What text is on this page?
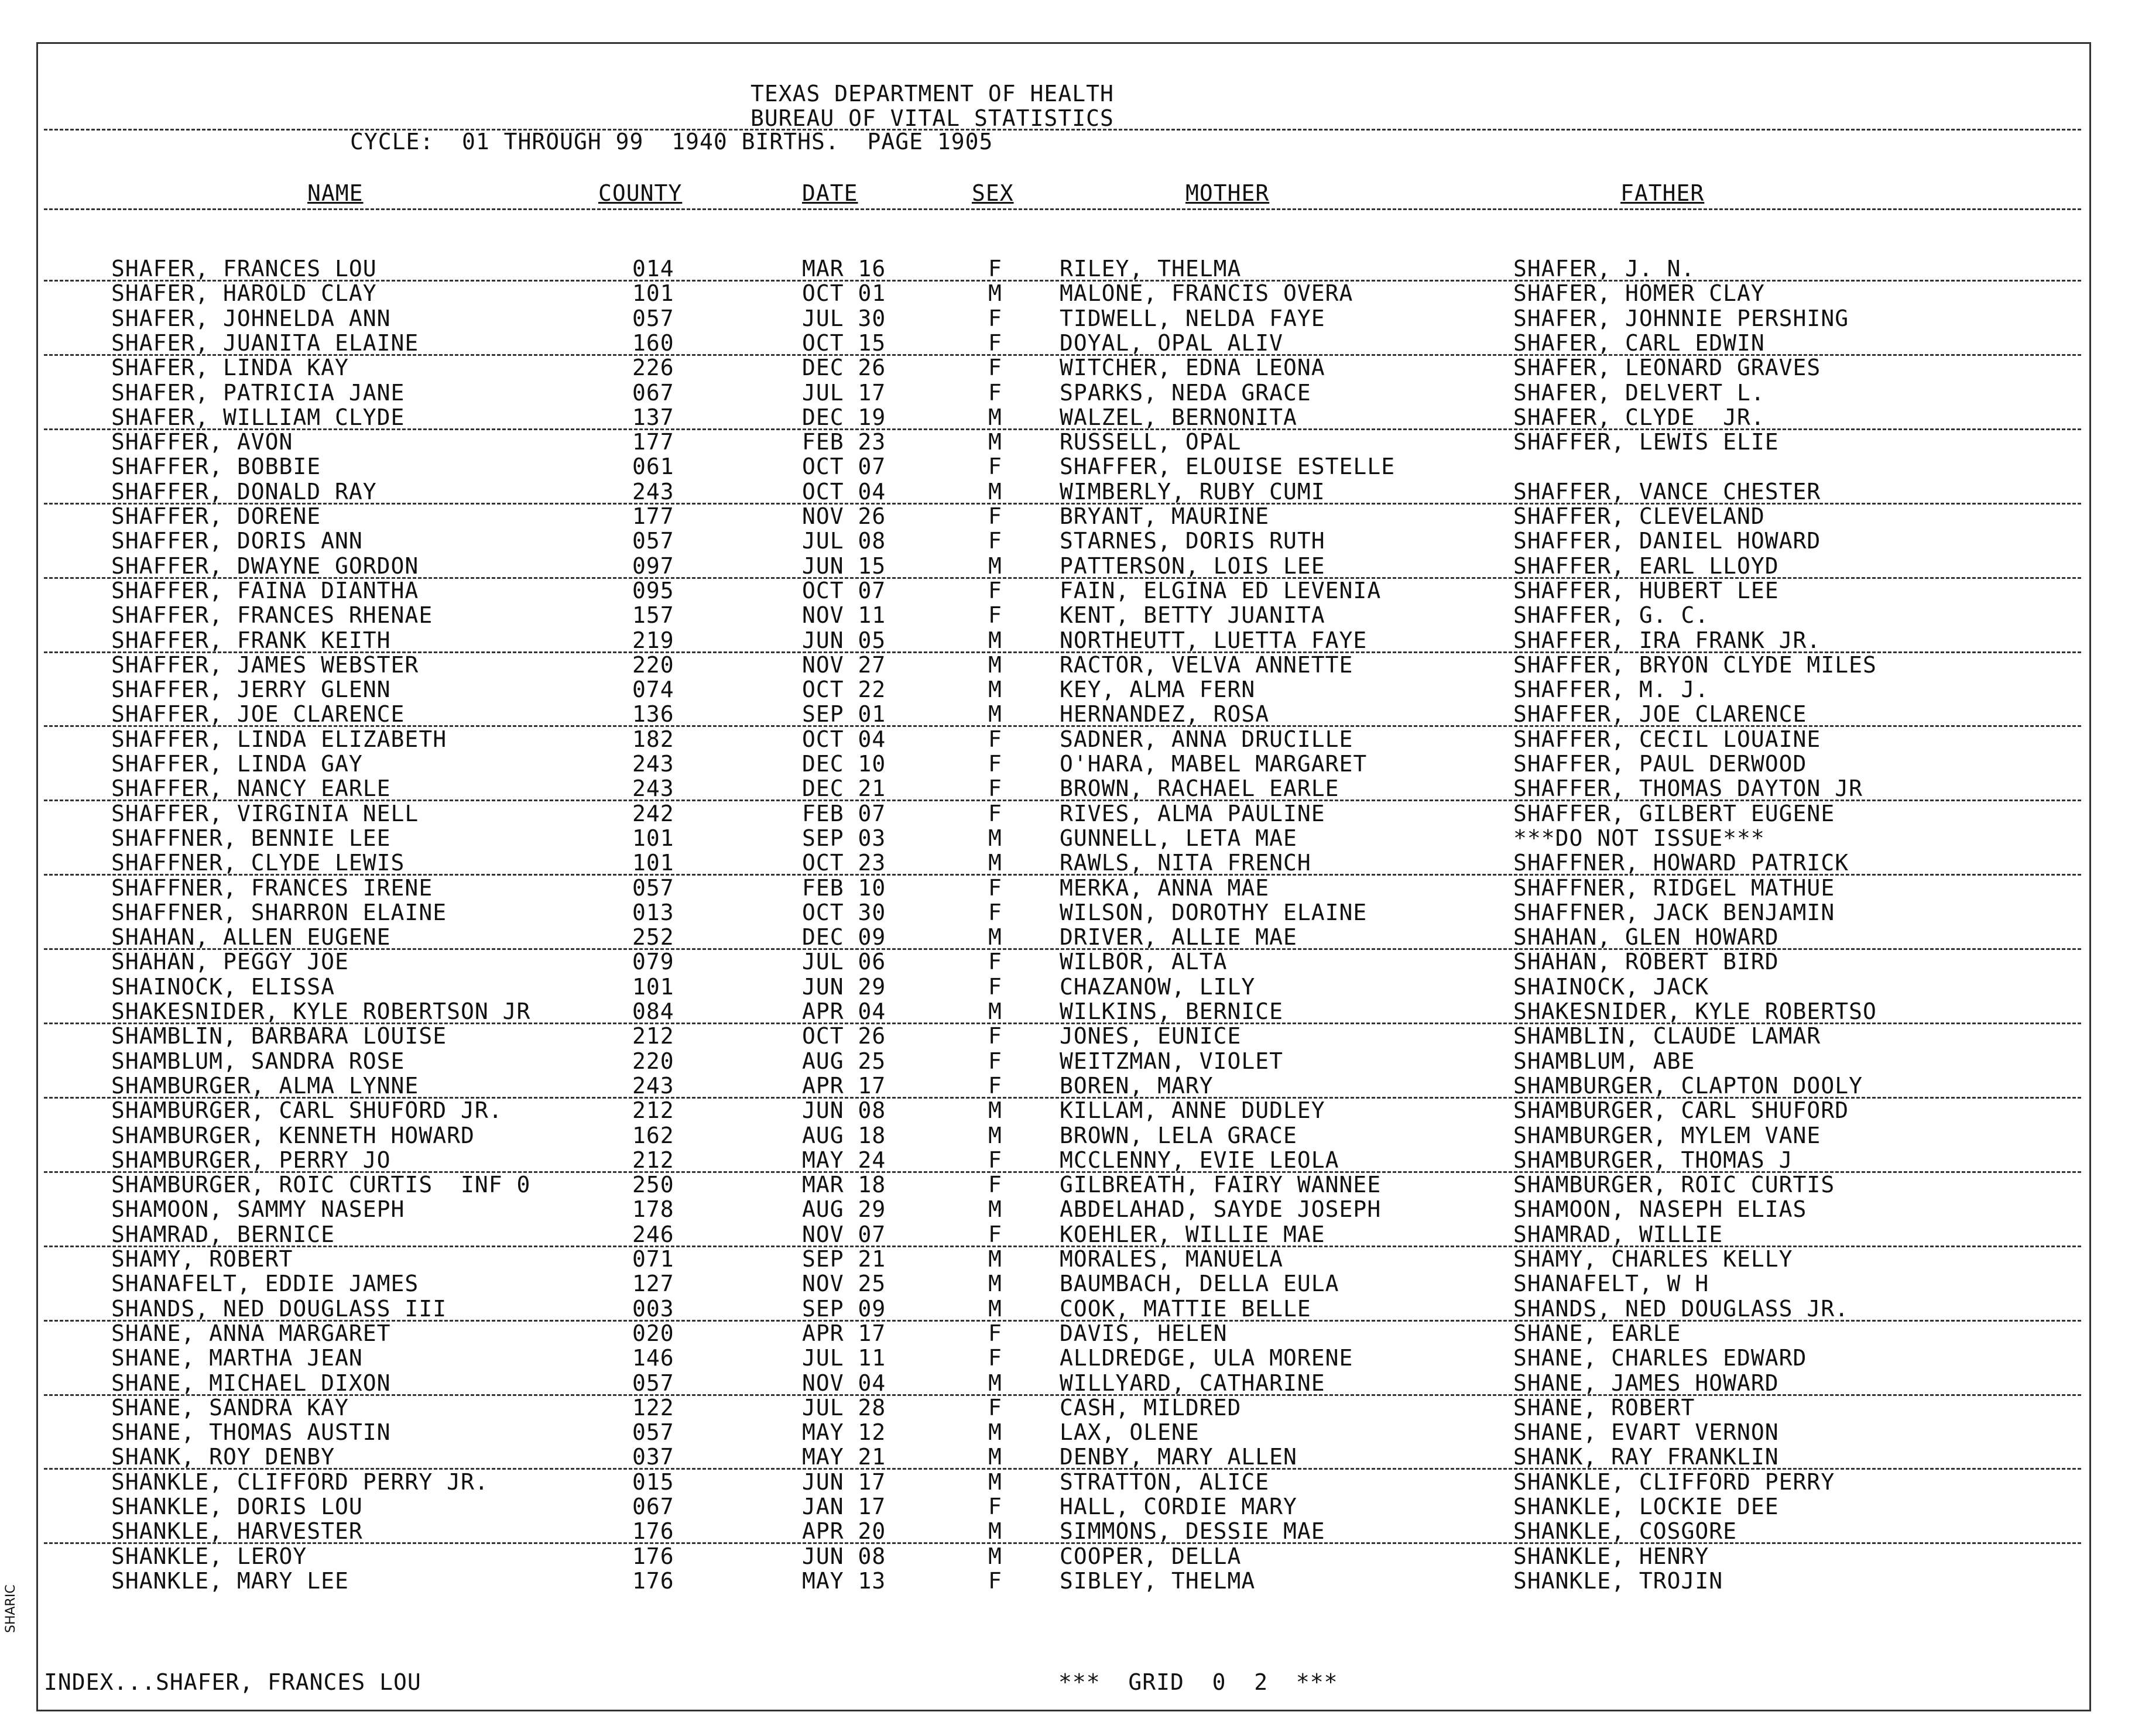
TEXAS DEPARTMENT OF HEALTH
BUREAU OF VITAL STATISTICS
CYCLE:  01 THROUGH 99  1940 BIRTHS.  PAGE 1905
NAME	COUNTY	DATE	SEX	MOTHER	FATHER
SHAFER, FRANCES LOU	014	MAR 16	F	RILEY, THELMA	SHAFER, J. N.
SHAFER, HAROLD CLAY	101	OCT 01	M	MALONE, FRANCIS OVERA	SHAFER, HOMER CLAY
SHAFER, JOHNELDA ANN	057	JUL 30	F	TIDWELL, NELDA FAYE	SHAFER, JOHNNIE PERSHING
SHAFER, JUANITA ELAINE	160	OCT 15	F	DOYAL, OPAL ALIV	SHAFER, CARL EDWIN
SHAFER, LINDA KAY	226	DEC 26	F	WITCHER, EDNA LEONA	SHAFER, LEONARD GRAVES
SHAFER, PATRICIA JANE	067	JUL 17	F	SPARKS, NEDA GRACE	SHAFER, DELVERT L.
SHAFER, WILLIAM CLYDE	137	DEC 19	M	WALZEL, BERNONITA	SHAFER, CLYDE  JR.
SHAFFER, AVON	177	FEB 23	M	RUSSELL, OPAL	SHAFFER, LEWIS ELIE
SHAFFER, BOBBIE	061	OCT 07	F	SHAFFER, ELOUISE ESTELLE
SHAFFER, DONALD RAY	243	OCT 04	M	WIMBERLY, RUBY CUMI	SHAFFER, VANCE CHESTER
SHAFFER, DORENE	177	NOV 26	F	BRYANT, MAURINE	SHAFFER, CLEVELAND
SHAFFER, DORIS ANN	057	JUL 08	F	STARNES, DORIS RUTH	SHAFFER, DANIEL HOWARD
SHAFFER, DWAYNE GORDON	097	JUN 15	M	PATTERSON, LOIS LEE	SHAFFER, EARL LLOYD
SHAFFER, FAINA DIANTHA	095	OCT 07	F	FAIN, ELGINA ED LEVENIA	SHAFFER, HUBERT LEE
SHAFFER, FRANCES RHENAE	157	NOV 11	F	KENT, BETTY JUANITA	SHAFFER, G. C.
SHAFFER, FRANK KEITH	219	JUN 05	M	NORTHEUTT, LUETTA FAYE	SHAFFER, IRA FRANK JR.
SHAFFER, JAMES WEBSTER	220	NOV 27	M	RACTOR, VELVA ANNETTE	SHAFFER, BRYON CLYDE MILES
SHAFFER, JERRY GLENN	074	OCT 22	M	KEY, ALMA FERN	SHAFFER, M. J.
SHAFFER, JOE CLARENCE	136	SEP 01	M	HERNANDEZ, ROSA	SHAFFER, JOE CLARENCE
SHAFFER, LINDA ELIZABETH	182	OCT 04	F	SADNER, ANNA DRUCILLE	SHAFFER, CECIL LOUAINE
SHAFFER, LINDA GAY	243	DEC 10	F	O'HARA, MABEL MARGARET	SHAFFER, PAUL DERWOOD
SHAFFER, NANCY EARLE	243	DEC 21	F	BROWN, RACHAEL EARLE	SHAFFER, THOMAS DAYTON JR
SHAFFER, VIRGINIA NELL	242	FEB 07	F	RIVES, ALMA PAULINE	SHAFFER, GILBERT EUGENE
SHAFFNER, BENNIE LEE	101	SEP 03	M	GUNNELL, LETA MAE	***DO NOT ISSUE***
SHAFFNER, CLYDE LEWIS	101	OCT 23	M	RAWLS, NITA FRENCH	SHAFFNER, HOWARD PATRICK
SHAFFNER, FRANCES IRENE	057	FEB 10	F	MERKA, ANNA MAE	SHAFFNER, RIDGEL MATHUE
SHAFFNER, SHARRON ELAINE	013	OCT 30	F	WILSON, DOROTHY ELAINE	SHAFFNER, JACK BENJAMIN
SHAHAN, ALLEN EUGENE	252	DEC 09	M	DRIVER, ALLIE MAE	SHAHAN, GLEN HOWARD
SHAHAN, PEGGY JOE	079	JUL 06	F	WILBOR, ALTA	SHAHAN, ROBERT BIRD
SHAINOCK, ELISSA	101	JUN 29	F	CHAZANOW, LILY	SHAINOCK, JACK
SHAKESNIDER, KYLE ROBERTSON JR	084	APR 04	M	WILKINS, BERNICE	SHAKESNIDER, KYLE ROBERTSO
SHAMBLIN, BARBARA LOUISE	212	OCT 26	F	JONES, EUNICE	SHAMBLIN, CLAUDE LAMAR
SHAMBLUM, SANDRA ROSE	220	AUG 25	F	WEITZMAN, VIOLET	SHAMBLUM, ABE
SHAMBURGER, ALMA LYNNE	243	APR 17	F	BOREN, MARY	SHAMBURGER, CLAPTON DOOLY
SHAMBURGER, CARL SHUFORD JR.	212	JUN 08	M	KILLAM, ANNE DUDLEY	SHAMBURGER, CARL SHUFORD
SHAMBURGER, KENNETH HOWARD	162	AUG 18	M	BROWN, LELA GRACE	SHAMBURGER, MYLEM VANE
SHAMBURGER, PERRY JO	212	MAY 24	F	MCCLENNY, EVIE LEOLA	SHAMBURGER, THOMAS J
SHAMBURGER, ROIC CURTIS  INF 0	250	MAR 18	F	GILBREATH, FAIRY WANNEE	SHAMBURGER, ROIC CURTIS
SHAMOON, SAMMY NASEPH	178	AUG 29	M	ABDELAHAD, SAYDE JOSEPH	SHAMOON, NASEPH ELIAS
SHAMRAD, BERNICE	246	NOV 07	F	KOEHLER, WILLIE MAE	SHAMRAD, WILLIE
SHAMY, ROBERT	071	SEP 21	M	MORALES, MANUELA	SHAMY, CHARLES KELLY
SHANAFELT, EDDIE JAMES	127	NOV 25	M	BAUMBACH, DELLA EULA	SHANAFELT, W H
SHANDS, NED DOUGLASS III	003	SEP 09	M	COOK, MATTIE BELLE	SHANDS, NED DOUGLASS JR.
SHANE, ANNA MARGARET	020	APR 17	F	DAVIS, HELEN	SHANE, EARLE
SHANE, MARTHA JEAN	146	JUL 11	F	ALLDREDGE, ULA MORENE	SHANE, CHARLES EDWARD
SHANE, MICHAEL DIXON	057	NOV 04	M	WILLYARD, CATHARINE	SHANE, JAMES HOWARD
SHANE, SANDRA KAY	122	JUL 28	F	CASH, MILDRED	SHANE, ROBERT
SHANE, THOMAS AUSTIN	057	MAY 12	M	LAX, OLENE	SHANE, EVART VERNON
SHANK, ROY DENBY	037	MAY 21	M	DENBY, MARY ALLEN	SHANK, RAY FRANKLIN
SHANKLE, CLIFFORD PERRY JR.	015	JUN 17	M	STRATTON, ALICE	SHANKLE, CLIFFORD PERRY
SHANKLE, DORIS LOU	067	JAN 17	F	HALL, CORDIE MARY	SHANKLE, LOCKIE DEE
SHANKLE, HARVESTER	176	APR 20	M	SIMMONS, DESSIE MAE	SHANKLE, COSGORE
SHANKLE, LEROY	176	JUN 08	M	COOPER, DELLA	SHANKLE, HENRY
SHANKLE, MARY LEE	176	MAY 13	F	SIBLEY, THELMA	SHANKLE, TROJIN
INDEX...SHAFER, FRANCES LOU	***  GRID  0  2  ***
SHARIC
